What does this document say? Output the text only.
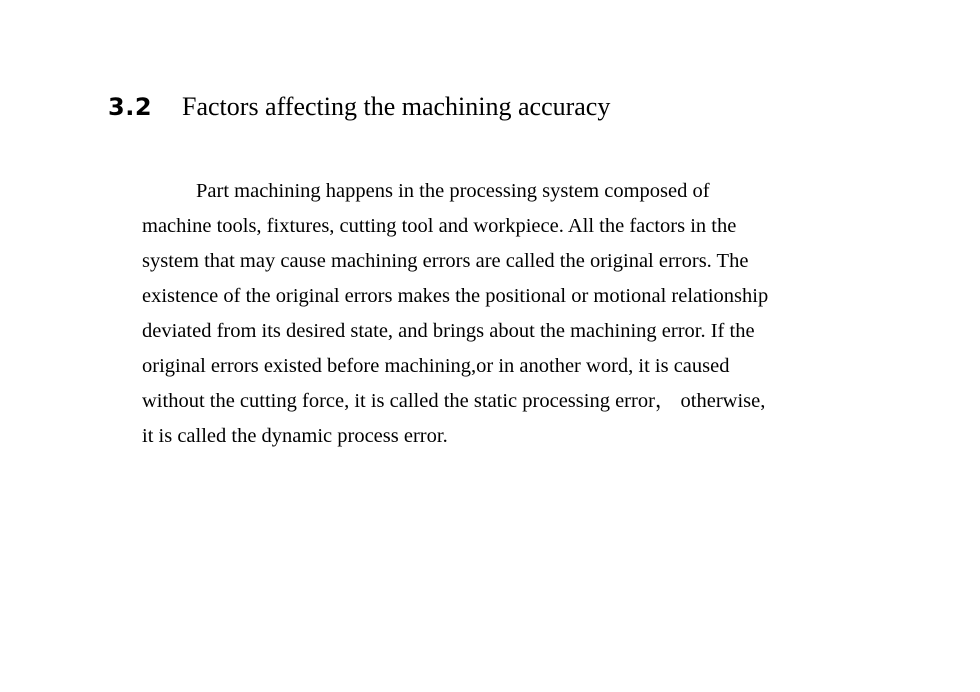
3.2 Factors affecting the machining accuracy
Part machining happens in the processing system composed of
machine tools, fixtures, cutting tool and workpiece. All the factors in the
system that may cause machining errors are called the original errors. The
existence of the original errors makes the positional or motional relationship
deviated from its desired state, and brings about the machining error. If the
original errors existed before machining,or in another word, it is caused
without the cutting force, it is called the static processing error， otherwise,
it is called the dynamic process error.
